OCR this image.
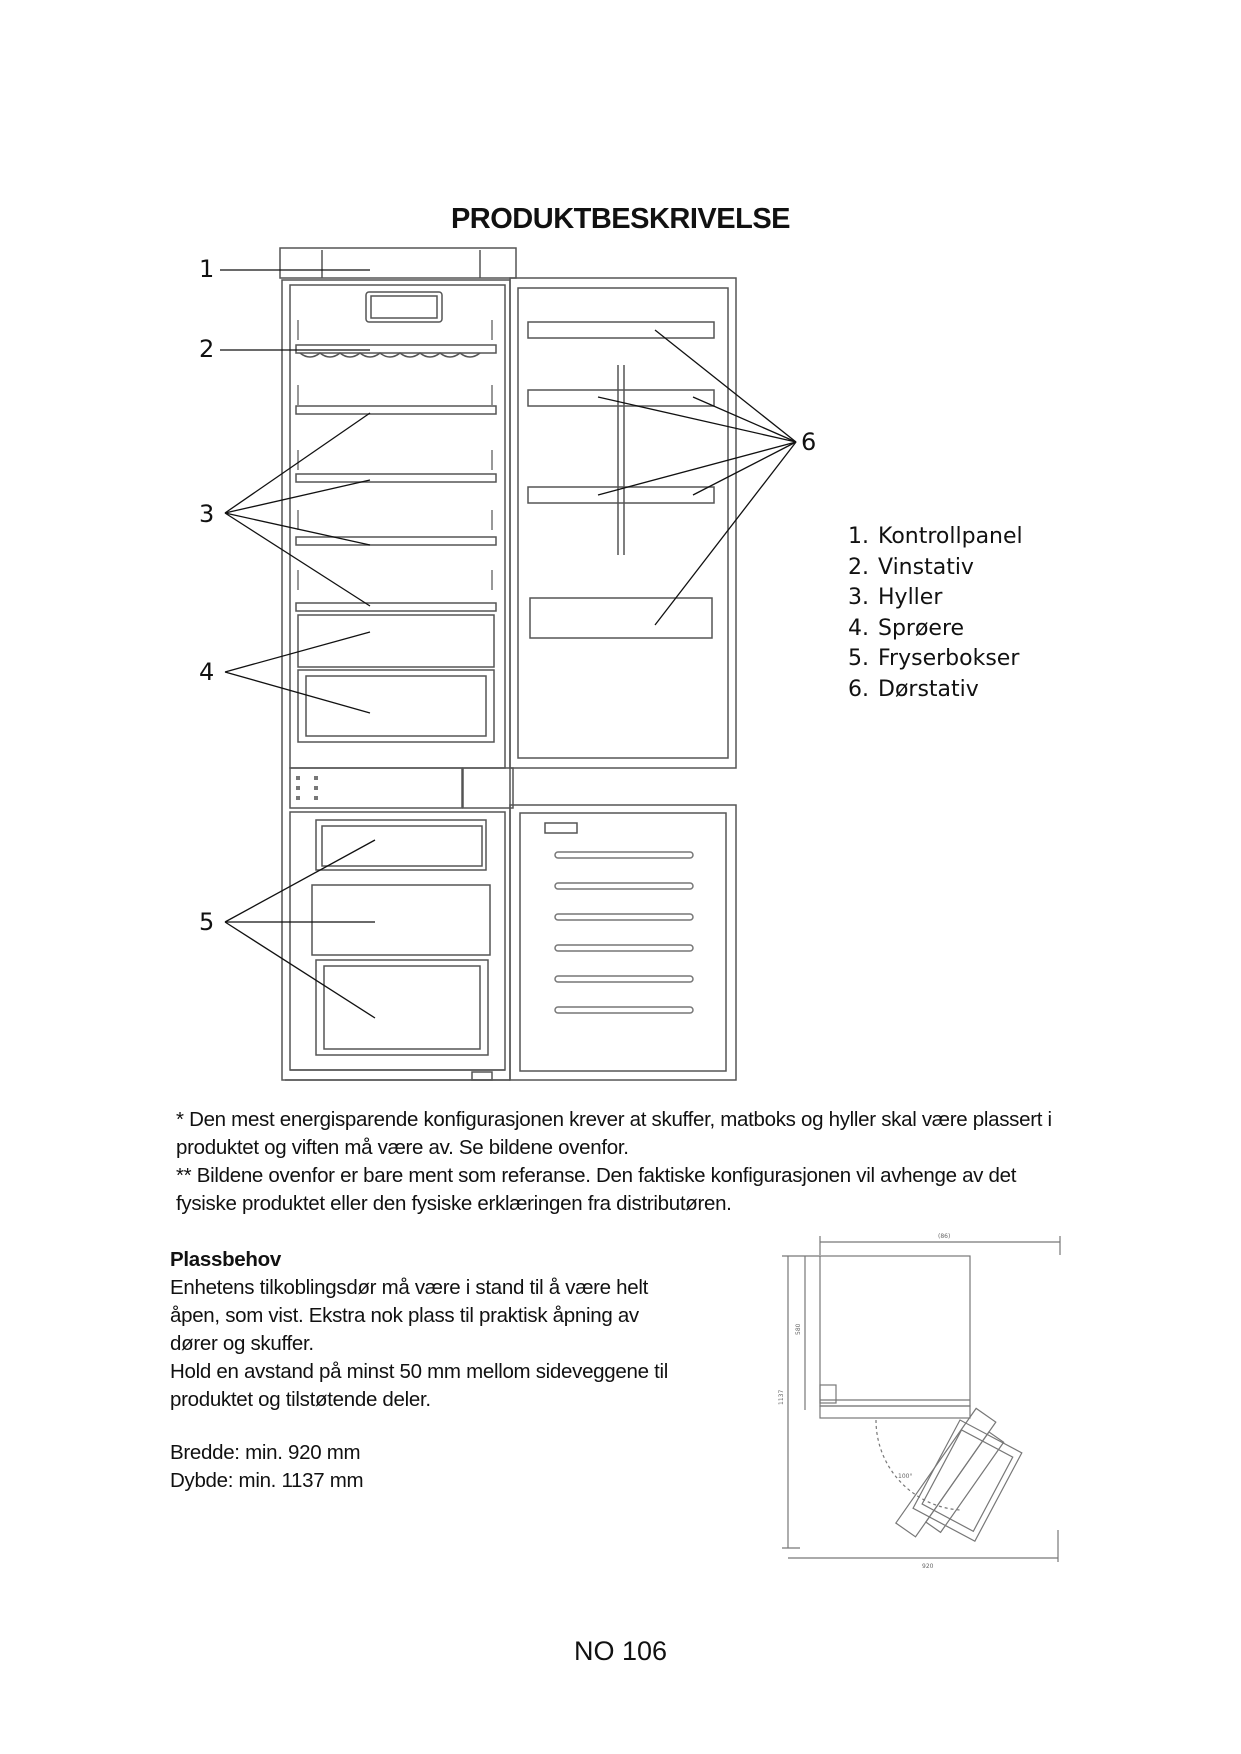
PRODUKTBESKRIVELSE
1
2
3
4
5
6
1. Kontrollpanel
2. Vinstativ
3. Hyller
4. Sprøere
5. Fryserbokser
6. Dørstativ
* Den mest energisparende konfigurasjonen krever at skuffer, matboks og hyller skal være plassert i
produktet og viften må være av. Se bildene ovenfor.
** Bildene ovenfor er bare ment som referanse. Den faktiske konfigurasjonen vil avhenge av det
fysiske produktet eller den fysiske erklæringen fra distributøren.
Plassbehov
Enhetens tilkoblingsdør må være i stand til å være helt
åpen, som vist. Ekstra nok plass til praktisk åpning av
dører og skuffer.
Hold en avstand på minst 50 mm mellom sideveggene til
produktet og tilstøtende deler.
Bredde: min. 920 mm
Dybde: min. 1137 mm
(86)
580
1137
920
100°
NO 106
